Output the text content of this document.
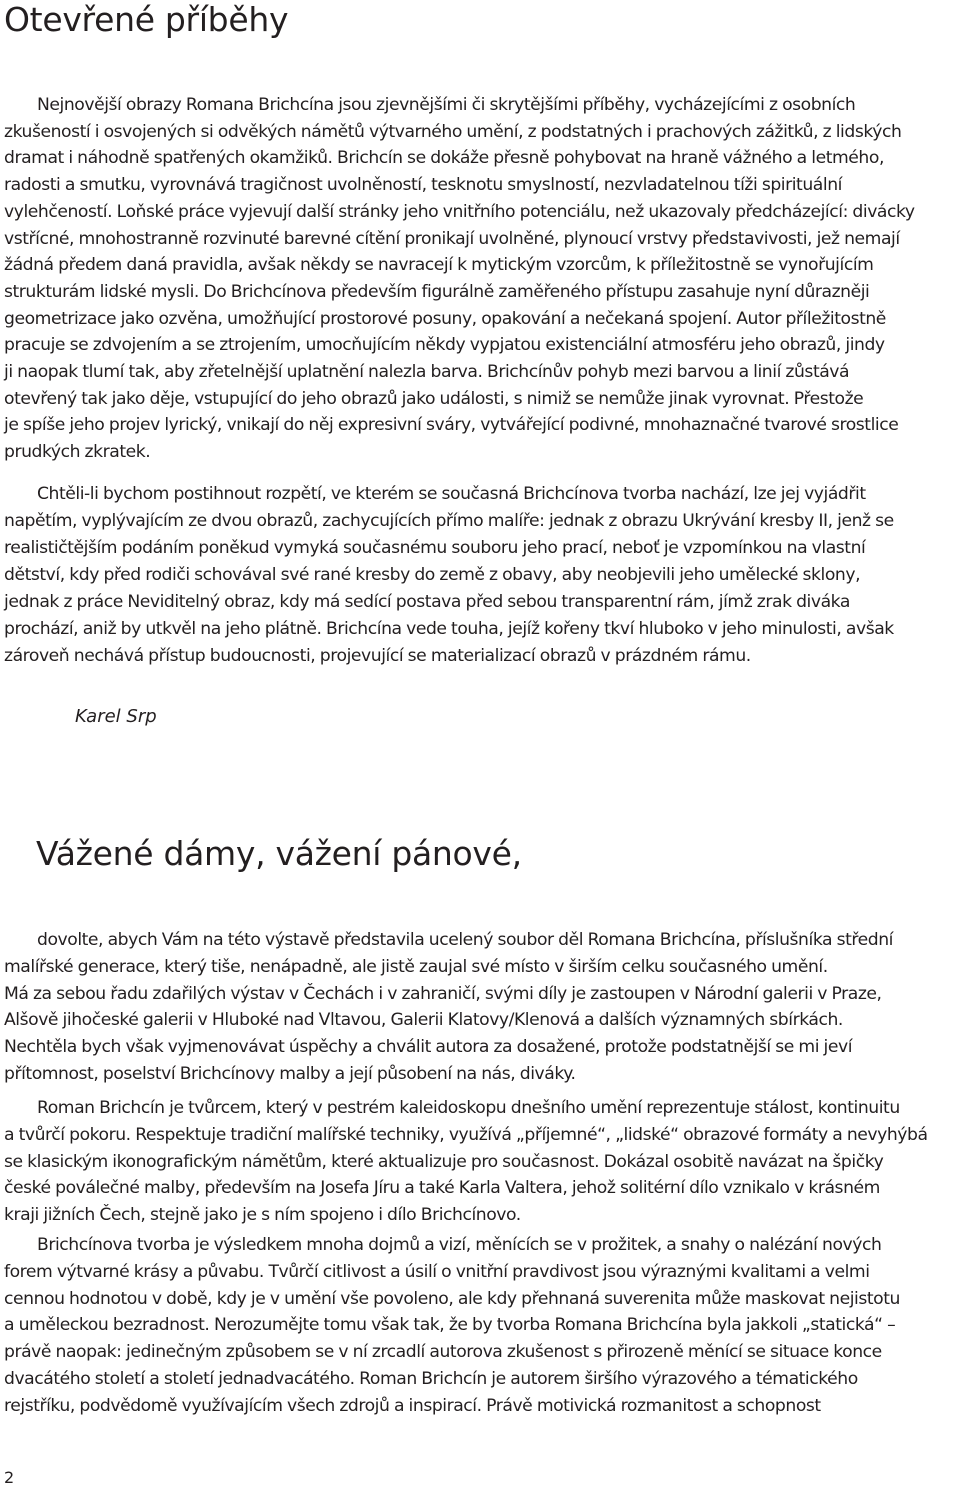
Otevřené příběhy
Nejnovější obrazy Romana Brichcína jsou zjevnějšími či skrytějšími příběhy, vycházejícími z osobních
zkušeností i osvojených si odvěkých námětů výtvarného umění, z podstatných i prachových zážitků, z lidských
dramat i náhodně spatřených okamžiků. Brichcín se dokáže přesně pohybovat na hraně vážného a letmého,
radosti a smutku, vyrovnává tragičnost uvolněností, tesknotu smyslností, nezvladatelnou tíži spirituální
vylehčeností. Loňské práce vyjevují další stránky jeho vnitřního potenciálu, než ukazovaly předcházející: divácky
vstřícné, mnohostranně rozvinuté barevné cítění pronikají uvolněné, plynoucí vrstvy představivosti, jež nemají
žádná předem daná pravidla, avšak někdy se navracejí k mytickým vzorcům, k příležitostně se vynořujícím
strukturám lidské mysli. Do Brichcínova především figurálně zaměřeného přístupu zasahuje nyní důrazněji
geometrizace jako ozvěna, umožňující prostorové posuny, opakování a nečekaná spojení. Autor příležitostně
pracuje se zdvojením a se ztrojením, umocňujícím někdy vypjatou existenciální atmosféru jeho obrazů, jindy
ji naopak tlumí tak, aby zřetelnější uplatnění nalezla barva. Brichcínův pohyb mezi barvou a linií zůstává
otevřený tak jako děje, vstupující do jeho obrazů jako události, s nimiž se nemůže jinak vyrovnat. Přestože
je spíše jeho projev lyrický, vnikají do něj expresivní sváry, vytvářející podivné, mnohaznačné tvarové srostlice
prudkých zkratek.
Chtěli-li bychom postihnout rozpětí, ve kterém se současná Brichcínova tvorba nachází, lze jej vyjádřit
napětím, vyplývajícím ze dvou obrazů, zachycujících přímo malíře: jednak z obrazu Ukrývání kresby II, jenž se
realističtějším podáním poněkud vymyká současnému souboru jeho prací, neboť je vzpomínkou na vlastní
dětství, kdy před rodiči schovával své rané kresby do země z obavy, aby neobjevili jeho umělecké sklony,
jednak z práce Neviditelný obraz, kdy má sedící postava před sebou transparentní rám, jímž zrak diváka
prochází, aniž by utkvěl na jeho plátně. Brichcína vede touha, jejíž kořeny tkví hluboko v jeho minulosti, avšak
zároveň nechává přístup budoucnosti, projevující se materializací obrazů v prázdném rámu.
Karel Srp
Vážené dámy, vážení pánové,
dovolte, abych Vám na této výstavě představila ucelený soubor děl Romana Brichcína, příslušníka střední
malířské generace, který tiše, nenápadně, ale jistě zaujal své místo v širším celku současného umění.
Má za sebou řadu zdařilých výstav v Čechách i v zahraničí, svými díly je zastoupen v Národní galerii v Praze,
Alšově jihočeské galerii v Hluboké nad Vltavou, Galerii Klatovy/Klenová a dalších významných sbírkách.
Nechtěla bych však vyjmenovávat úspěchy a chválit autora za dosažené, protože podstatnější se mi jeví
přítomnost, poselství Brichcínovy malby a její působení na nás, diváky.
Roman Brichcín je tvůrcem, který v pestrém kaleidoskopu dnešního umění reprezentuje stálost, kontinuitu
a tvůrčí pokoru. Respektuje tradiční malířské techniky, využívá „příjemné“, „lidské“ obrazové formáty a nevyhýbá
se klasickým ikonografickým námětům, které aktualizuje pro současnost. Dokázal osobitě navázat na špičky
české poválečné malby, především na Josefa Jíru a také Karla Valtera, jehož solitérní dílo vznikalo v krásném
kraji jižních Čech, stejně jako je s ním spojeno i dílo Brichcínovo.
Brichcínova tvorba je výsledkem mnoha dojmů a vizí, měnících se v prožitek, a snahy o nalézání nových
forem výtvarné krásy a půvabu. Tvůrčí citlivost a úsilí o vnitřní pravdivost jsou výraznými kvalitami a velmi
cennou hodnotou v době, kdy je v umění vše povoleno, ale kdy přehnaná suverenita může maskovat nejistotu
a uměleckou bezradnost. Nerozumějte tomu však tak, že by tvorba Romana Brichcína byla jakkoli „statická“ –
právě naopak: jedinečným způsobem se v ní zrcadlí autorova zkušenost s přirozeně měnící se situace konce
dvacátého století a století jednadvacátého. Roman Brichcín je autorem širšího výrazového a tématického
rejstříku, podvědomě využívajícím všech zdrojů a inspirací. Právě motivická rozmanitost a schopnost
2
